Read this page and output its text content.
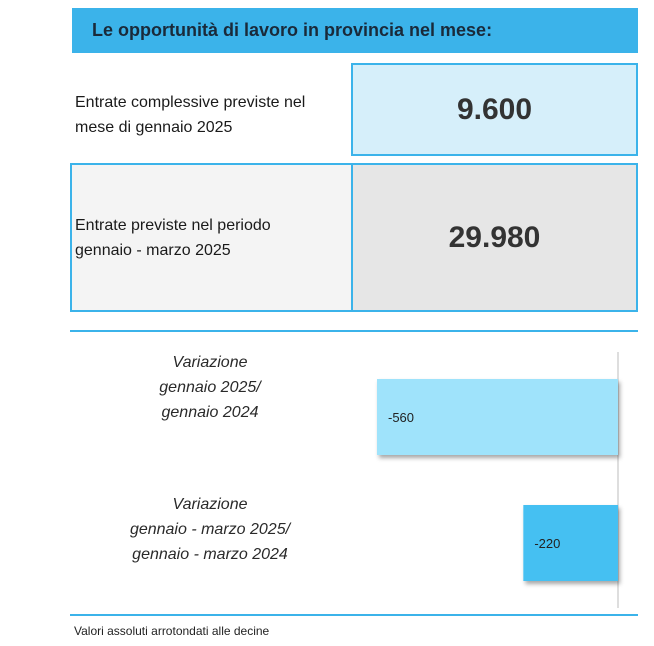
Le opportunità di lavoro in provincia nel mese:
Entrate complessive previste nel
mese di gennaio 2025
9.600
Entrate previste nel periodo
gennaio - marzo 2025	29.980
Variazione
gennaio 2025/
gennaio 2024
Variazione
gennaio - marzo 2025/
gennaio - marzo 2024
-560
-220
Valori assoluti arrotondati alle decine
